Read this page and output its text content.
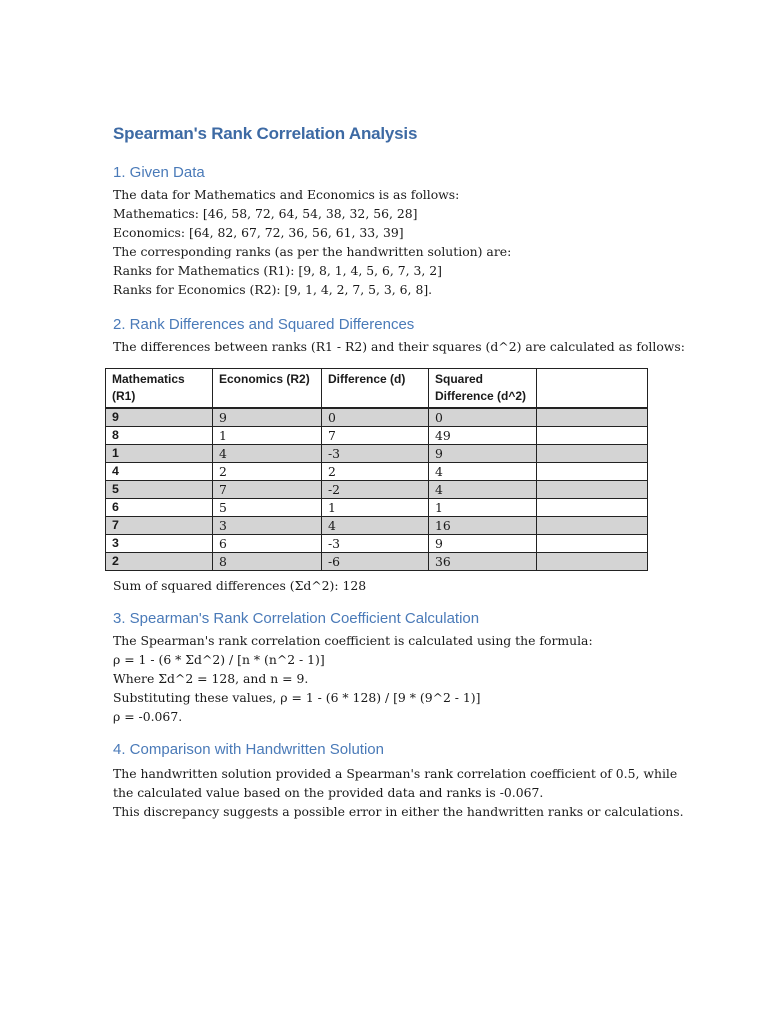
Spearman's Rank Correlation Analysis
1. Given Data
The data for Mathematics and Economics is as follows:
Mathematics: [46, 58, 72, 64, 54, 38, 32, 56, 28]
Economics: [64, 82, 67, 72, 36, 56, 61, 33, 39]
The corresponding ranks (as per the handwritten solution) are:
Ranks for Mathematics (R1): [9, 8, 1, 4, 5, 6, 7, 3, 2]
Ranks for Economics (R2): [9, 1, 4, 2, 7, 5, 3, 6, 8].
2. Rank Differences and Squared Differences
The differences between ranks (R1 - R2) and their squares (d^2) are calculated as follows:
Mathematics (R1)	Economics (R2)	Difference (d)	Squared Difference (d^2)	
9	9	0	0	
8	1	7	49	
1	4	-3	9	
4	2	2	4	
5	7	-2	4	
6	5	1	1	
7	3	4	16	
3	6	-3	9	
2	8	-6	36	
Sum of squared differences (Σd^2): 128
3. Spearman's Rank Correlation Coefficient Calculation
The Spearman's rank correlation coefficient is calculated using the formula:
ρ = 1 - (6 * Σd^2) / [n * (n^2 - 1)]
Where Σd^2 = 128, and n = 9.
Substituting these values, ρ = 1 - (6 * 128) / [9 * (9^2 - 1)]
ρ = -0.067.
4. Comparison with Handwritten Solution
The handwritten solution provided a Spearman's rank correlation coefficient of 0.5, while
the calculated value based on the provided data and ranks is -0.067.
This discrepancy suggests a possible error in either the handwritten ranks or calculations.
